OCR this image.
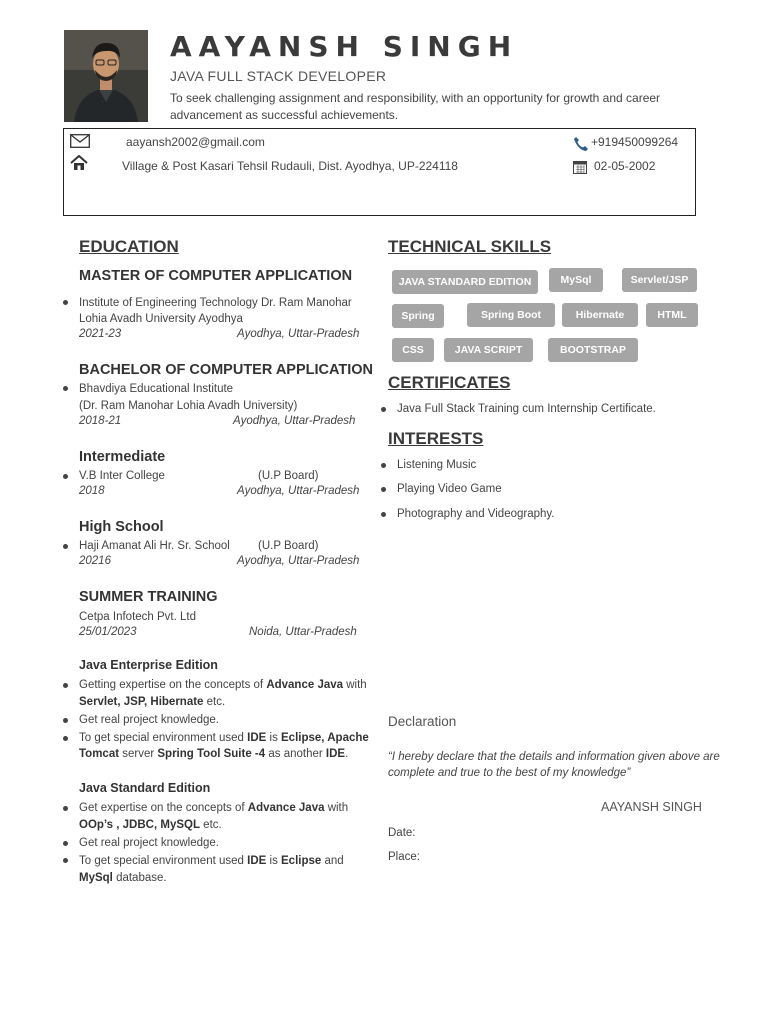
AAYANSH SINGH
JAVA FULL STACK DEVELOPER
To seek challenging assignment and responsibility, with an opportunity for growth and career advancement as successful achievements.
aayansh2002@gmail.com
Village & Post Kasari Tehsil Rudauli, Dist. Ayodhya, UP-224118
+919450099264
02-05-2002
EDUCATION
MASTER OF COMPUTER APPLICATION
Institute of Engineering Technology Dr. Ram Manohar
Lohia Avadh University Ayodhya
2021-23	Ayodhya, Uttar-Pradesh
BACHELOR OF COMPUTER APPLICATION
Bhavdiya Educational Institute
(Dr. Ram Manohar Lohia Avadh University)
2018-21	Ayodhya, Uttar-Pradesh
Intermediate
V.B Inter College	(U.P Board)
2018	Ayodhya, Uttar-Pradesh
High School
Haji Amanat Ali Hr. Sr. School (U.P Board)
20216	Ayodhya, Uttar-Pradesh
SUMMER TRAINING
Cetpa Infotech Pvt. Ltd
25/01/2023	Noida, Uttar-Pradesh
Java Enterprise Edition
Getting expertise on the concepts of Advance Java with
Servlet, JSP, Hibernate etc.
Get real project knowledge.
To get special environment used IDE is Eclipse, Apache
Tomcat server Spring Tool Suite -4 as another IDE.
Java Standard Edition
Get expertise on the concepts of Advance Java with
OOp’s , JDBC, MySQL etc.
Get real project knowledge.
To get special environment used IDE is Eclipse and
MySql database.
TECHNICAL SKILLS
JAVA STANDARD EDITION	MySql	Servlet/JSP
Spring	Spring Boot	Hibernate	HTML
CSS	JAVA SCRIPT	BOOTSTRAP
CERTIFICATES
Java Full Stack Training cum Internship Certificate.
INTERESTS
Listening Music
Playing Video Game
Photography and Videography.
Declaration
“I hereby declare that the details and information given above are complete and true to the best of my knowledge”
AAYANSH SINGH
Date:
Place:
